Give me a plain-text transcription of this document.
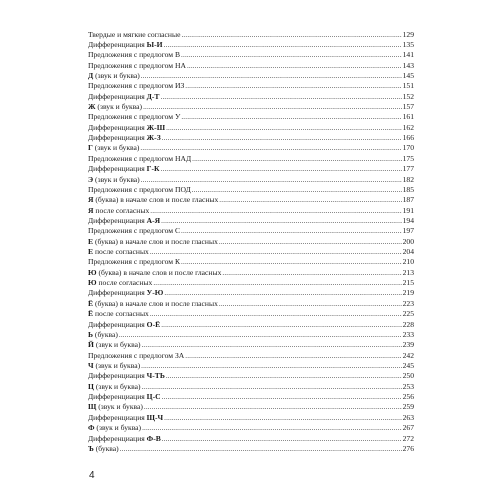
Твердые и мягкие согласные .....	129
Дифференциация Ы-И .....	135
Предложения с предлогом В .....	141
Предложения с предлогом НА .....	143
Д (звук и буква) .....	145
Предложения с предлогом ИЗ .....	151
Дифференциация Д-Т .....	152
Ж (звук и буква) .....	157
Предложения с предлогом У .....	161
Дифференциация Ж-Ш .....	162
Дифференциация Ж-З .....	166
Г (звук и буква) .....	170
Предложения с предлогом НАД .....	175
Дифференциация Г-К .....	177
Э (звук и буква) .....	182
Предложения с предлогом ПОД .....	185
Я (буква) в начале слов и после гласных .....	187
Я после согласных .....	191
Дифференциация А-Я .....	194
Предложения с предлогом С .....	197
Е (буква) в начале слов и после гласных .....	200
Е после согласных .....	204
Предложения с предлогом К .....	210
Ю (буква) в начале слов и после гласных .....	213
Ю после согласных .....	215
Дифференциация У-Ю .....	219
Ё (буква) в начале слов и после гласных .....	223
Ё после согласных .....	225
Дифференциация О-Ё .....	228
Ь (буква) .....	233
Й (звук и буква) .....	239
Предложения с предлогом ЗА .....	242
Ч (звук и буква) .....	245
Дифференциация Ч-ТЬ .....	250
Ц (звук и буква) .....	253
Дифференциация Ц-С .....	256
Щ (звук и буква) .....	259
Дифференциация Щ-Ч .....	263
Ф (звук и буква) .....	267
Дифференциация Ф-В .....	272
Ъ (буква) .....	276
4
